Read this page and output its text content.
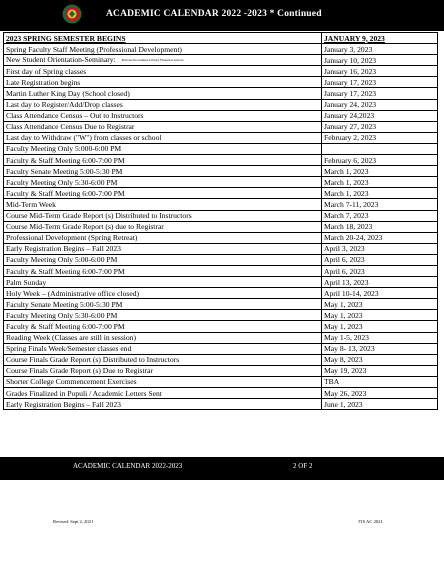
ACADEMIC CALENDAR 2022 -2023 * Continued
2023 SPRING SEMESTER BEGINS	JANUARY 9, 2023
Spring Faculty Staff Meeting (Professional Development)	January 3, 2023
New Student Orientation-Seminary: Policies Procedures Library Financial Aid etc.	January 10, 2023
First day of Spring classes	January 16, 2023
Late Registration begins	January 17, 2023
Martin Luther King Day (School closed)	January 17, 2023
Last day to Register/Add/Drop classes	January 24, 2023
Class Attendance Census – Out to Instructors	January 24,2023
Class Attendance Census Due to Registrar	January 27, 2023
Last day to Withdraw ("W") from classes or school	February 2, 2023
Faculty Meeting Only 5:000-6:00 PM	
Faculty & Staff Meeting 6:00-7:00 PM	February 6, 2023
Faculty Senate Meeting 5:00-5:30 PM	March 1, 2023
Faculty Meeting Only 5:30-6:00 PM	March 1, 2023
Faculty & Staff Meeting 6:00-7:00 PM	March 1, 2023
Mid-Term Week	March 7-11, 2023
Course Mid-Term Grade Report (s) Distributed to Instructors	March 7, 2023
Course Mid-Term Grade Report (s) due to Registrar	March 18, 2023
Professional Development (Spring Retreat)	March 20-24, 2023
Early Registration Begins – Fall 2023	April 3, 2023
Faculty Meeting Only 5:00-6:00 PM	April 6, 2023
Faculty & Staff Meeting 6:00-7:00 PM	April 6, 2023
Palm Sunday	April 13, 2023
Holy Week – (Administrative office closed)	April 10-14, 2023
Faculty Senate Meeting 5:00-5:30 PM	May 1, 2023
Faculty Meeting Only 5:30-6:00 PM	May 1, 2023
Faculty & Staff Meeting 6:00-7:00 PM	May 1, 2023
Reading Week (Classes are still in session)	May 1-5, 2023
Spring Finals Week/Semester classes end	May 8- 13, 2023
Course Finals Grade Report (s) Distributed to Instructors	May 8, 2023
Course Finals Grade Report (s) Due to Registrar	May 19, 2023
Shorter College Commencement Exercises	TBA
Grades Finalized in Populi / Academic Letters Sent	May 26, 2023
Early Registration Begins – Fall 2023	June 1, 2023
ACADEMIC CALENDAR 2022-2023	2 OF 2
Revised: Sept 2, 2021	JTS AC 2021
